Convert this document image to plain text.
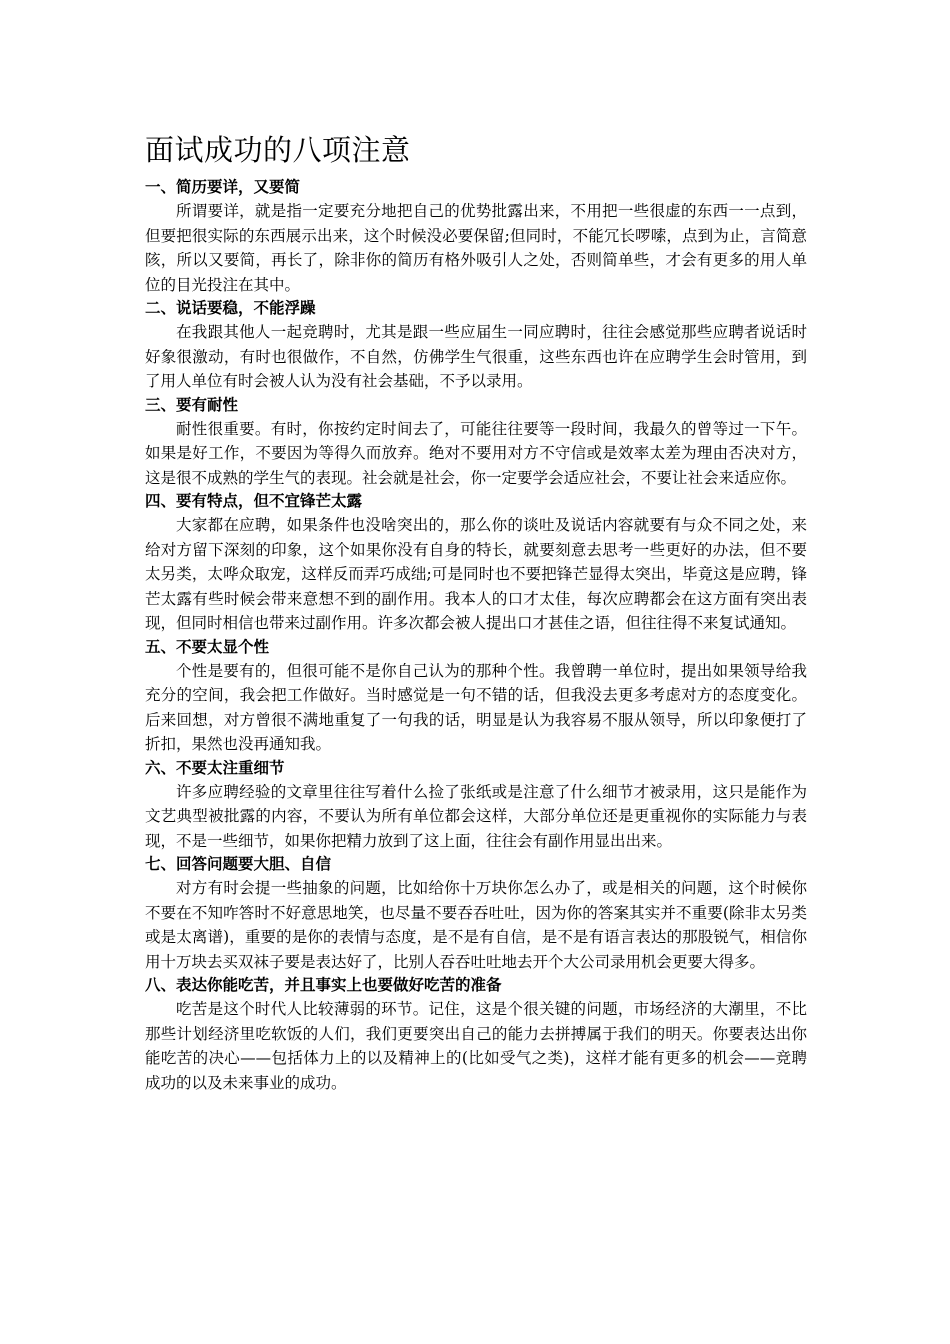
面试成功的八项注意

一、简历要详，又要简

所谓要详，就是指一定要充分地把自己的优势批露出来，不用把一些很虚的东西一一点到，但要把很实际的东西展示出来，这个时候没必要保留;但同时，不能冗长啰嗦，点到为止，言简意陔，所以又要简，再长了，除非你的简历有格外吸引人之处，否则简单些，才会有更多的用人单位的目光投注在其中。

二、说话要稳，不能浮躁

在我跟其他人一起竞聘时，尤其是跟一些应届生一同应聘时，往往会感觉那些应聘者说话时好象很激动，有时也很做作，不自然，仿佛学生气很重，这些东西也许在应聘学生会时管用，到了用人单位有时会被人认为没有社会基础，不予以录用。

三、要有耐性

耐性很重要。有时，你按约定时间去了，可能往往要等一段时间，我最久的曾等过一下午。如果是好工作，不要因为等得久而放弃。绝对不要用对方不守信或是效率太差为理由否决对方，这是很不成熟的学生气的表现。社会就是社会，你一定要学会适应社会，不要让社会来适应你。

四、要有特点，但不宜锋芒太露

大家都在应聘，如果条件也没啥突出的，那么你的谈吐及说话内容就要有与众不同之处，来给对方留下深刻的印象，这个如果你没有自身的特长，就要刻意去思考一些更好的办法，但不要太另类，太哗众取宠，这样反而弄巧成绌;可是同时也不要把锋芒显得太突出，毕竟这是应聘，锋芒太露有些时候会带来意想不到的副作用。我本人的口才太佳，每次应聘都会在这方面有突出表现，但同时相信也带来过副作用。许多次都会被人提出口才甚佳之语，但往往得不来复试通知。

五、不要太显个性

个性是要有的，但很可能不是你自己认为的那种个性。我曾聘一单位时，提出如果领导给我充分的空间，我会把工作做好。当时感觉是一句不错的话，但我没去更多考虑对方的态度变化。后来回想，对方曾很不满地重复了一句我的话，明显是认为我容易不服从领导，所以印象便打了折扣，果然也没再通知我。

六、不要太注重细节

许多应聘经验的文章里往往写着什么捡了张纸或是注意了什么细节才被录用，这只是能作为文艺典型被批露的内容，不要认为所有单位都会这样，大部分单位还是更重视你的实际能力与表现，不是一些细节，如果你把精力放到了这上面，往往会有副作用显出出来。

七、回答问题要大胆、自信

对方有时会提一些抽象的问题，比如给你十万块你怎么办了，或是相关的问题，这个时候你不要在不知咋答时不好意思地笑，也尽量不要吞吞吐吐，因为你的答案其实并不重要(除非太另类或是太离谱)，重要的是你的表情与态度，是不是有自信，是不是有语言表达的那股锐气，相信你用十万块去买双袜子要是表达好了，比别人吞吞吐吐地去开个大公司录用机会更要大得多。

八、表达你能吃苦，并且事实上也要做好吃苦的准备

吃苦是这个时代人比较薄弱的环节。记住，这是个很关键的问题，市场经济的大潮里，不比那些计划经济里吃软饭的人们，我们更要突出自己的能力去拼搏属于我们的明天。你要表达出你能吃苦的决心——包括体力上的以及精神上的(比如受气之类)，这样才能有更多的机会——竞聘成功的以及未来事业的成功。
